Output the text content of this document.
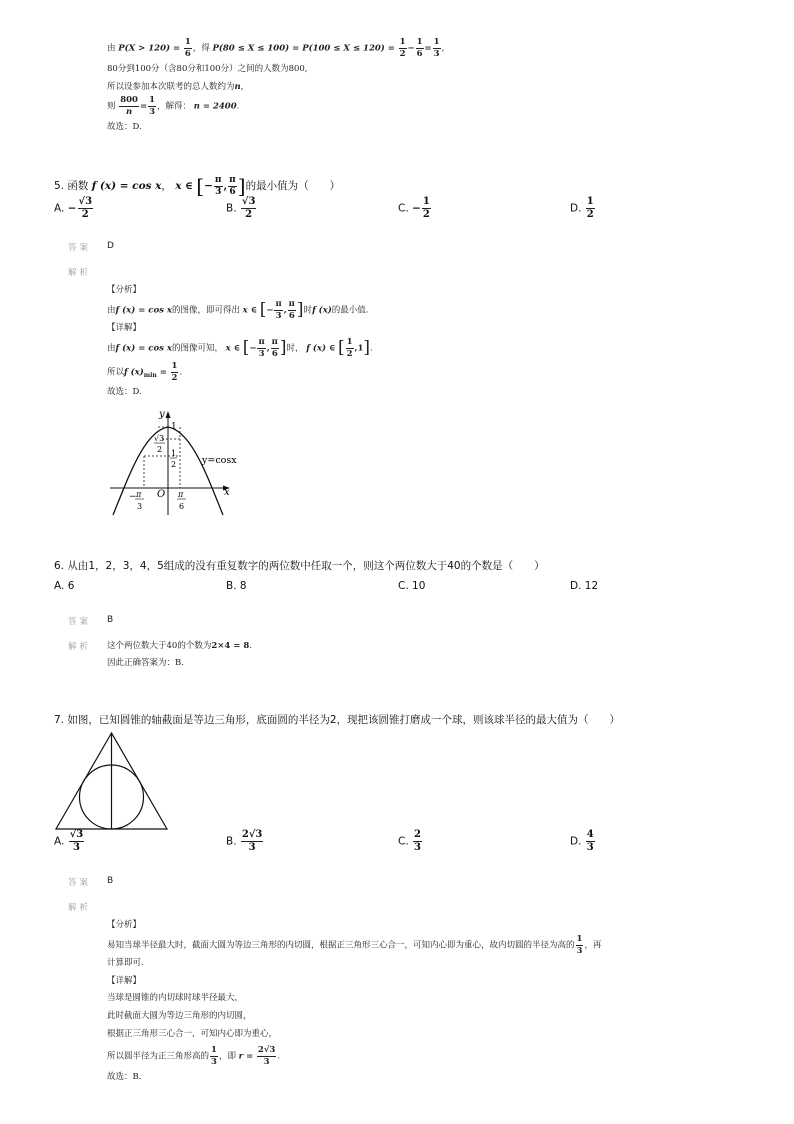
由 $P(X > 120) = \frac{1}{6}$ ，得 $P(80 \le X \le 100) = P(100 \le X \le 120) = \frac{1}{2} - \frac{1}{6} = \frac{1}{3}$ ,
80分到100分（含80分和100分）之间的人数为800,
所以设参加本次联考的总人数约为n,
则 $\frac{800}{n} = \frac{1}{3}$ ，解得： n = 2400.
故选：D.
5. 函数 f (x) = cos x， x ∈ [− $\frac{\pi}{3}$ , $\frac{\pi}{6}$ ]的最小值为（　　）
A. − $\frac{√3}{2}$	B. $\frac{√3}{2}$	C. − $\frac{1}{2}$	D. $\frac{1}{2}$
答案 D
解析
【分析】
由f (x) = cos x的图像，即可得出 x ∈ [− $\frac{\pi}{3}$ , $\frac{\pi}{6}$ ]时f (x)的最小值.
【详解】
由f (x) = cos x的图像可知， x ∈ [− $\frac{\pi}{3}$ , $\frac{\pi}{6}$ ]时， f (x) ∈ [ $\frac{1}{2} ,1$].
所以f $(x)_{min} = \frac{1}{2}$ .
故选：D.
y
x
O
y=cosx
1
√3
2 1
2
− π
3
π
6
6. 从由1，2，3，4，5组成的没有重复数字的两位数中任取一个，则这个两位数大于40的个数是（　　）
A. 6	B. 8	C. 10	D. 12
答案 B
解析 这个两位数大于40的个数为2×4 = 8.
因此正确答案为：B.
7. 如图，已知圆锥的轴截面是等边三角形，底面圆的半径为2，现把该圆锥打磨成一个球，则该球半径的最大值为（　　）
A. $\frac{√3}{3}$	B. $\frac{2√3}{3}$	C. $\frac{2}{3}$	D. $\frac{4}{3}$
答案 B
解析
【分析】
易知当球半径最大时，截面大圆为等边三角形的内切圆，根据正三角形三心合一，可知内心即为重心，故内切圆的半径为高的 $\frac{1}{3}$ ，再
计算即可.
【详解】
当球是圆锥的内切球时球半径最大，
此时截面大圆为等边三角形的内切圆，
根据正三角形三心合一，可知内心即为重心，
所以圆半径为正三角形高的 $\frac{1}{3}$ ，即 $r = \frac{2√3}{3}$ .
故选：B.
